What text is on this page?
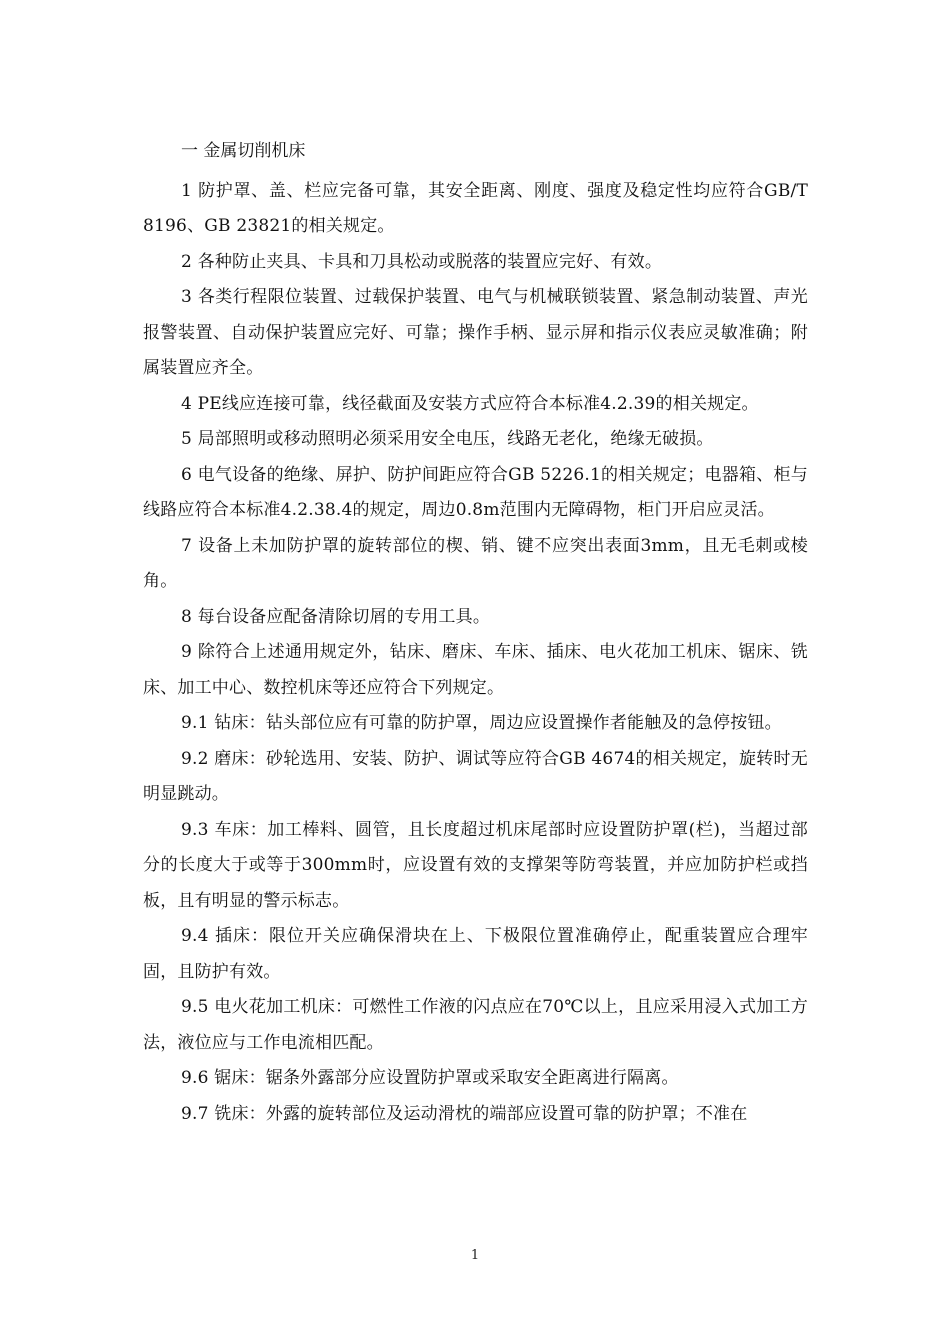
一 金属切削机床

1 防护罩、盖、栏应完备可靠，其安全距离、刚度、强度及稳定性均应符合GB/T 8196、GB 23821的相关规定。

2 各种防止夹具、卡具和刀具松动或脱落的装置应完好、有效。

3 各类行程限位装置、过载保护装置、电气与机械联锁装置、紧急制动装置、声光报警装置、自动保护装置应完好、可靠；操作手柄、显示屏和指示仪表应灵敏准确；附属装置应齐全。

4 PE线应连接可靠，线径截面及安装方式应符合本标准4.2.39的相关规定。

5 局部照明或移动照明必须采用安全电压，线路无老化，绝缘无破损。

6 电气设备的绝缘、屏护、防护间距应符合GB 5226.1的相关规定；电器箱、柜与线路应符合本标准4.2.38.4的规定，周边0.8m范围内无障碍物，柜门开启应灵活。

7 设备上未加防护罩的旋转部位的楔、销、键不应突出表面3mm，且无毛刺或棱角。

8 每台设备应配备清除切屑的专用工具。

9 除符合上述通用规定外，钻床、磨床、车床、插床、电火花加工机床、锯床、铣床、加工中心、数控机床等还应符合下列规定。

9.1 钻床：钻头部位应有可靠的防护罩，周边应设置操作者能触及的急停按钮。

9.2 磨床：砂轮选用、安装、防护、调试等应符合GB 4674的相关规定，旋转时无明显跳动。

9.3 车床：加工棒料、圆管，且长度超过机床尾部时应设置防护罩(栏)，当超过部分的长度大于或等于300mm时，应设置有效的支撑架等防弯装置，并应加防护栏或挡板，且有明显的警示标志。

9.4 插床：限位开关应确保滑块在上、下极限位置准确停止，配重装置应合理牢固，且防护有效。

9.5 电火花加工机床：可燃性工作液的闪点应在70℃以上，且应采用浸入式加工方法，液位应与工作电流相匹配。

9.6 锯床：锯条外露部分应设置防护罩或采取安全距离进行隔离。

9.7 铣床：外露的旋转部位及运动滑枕的端部应设置可靠的防护罩；不准在

1
